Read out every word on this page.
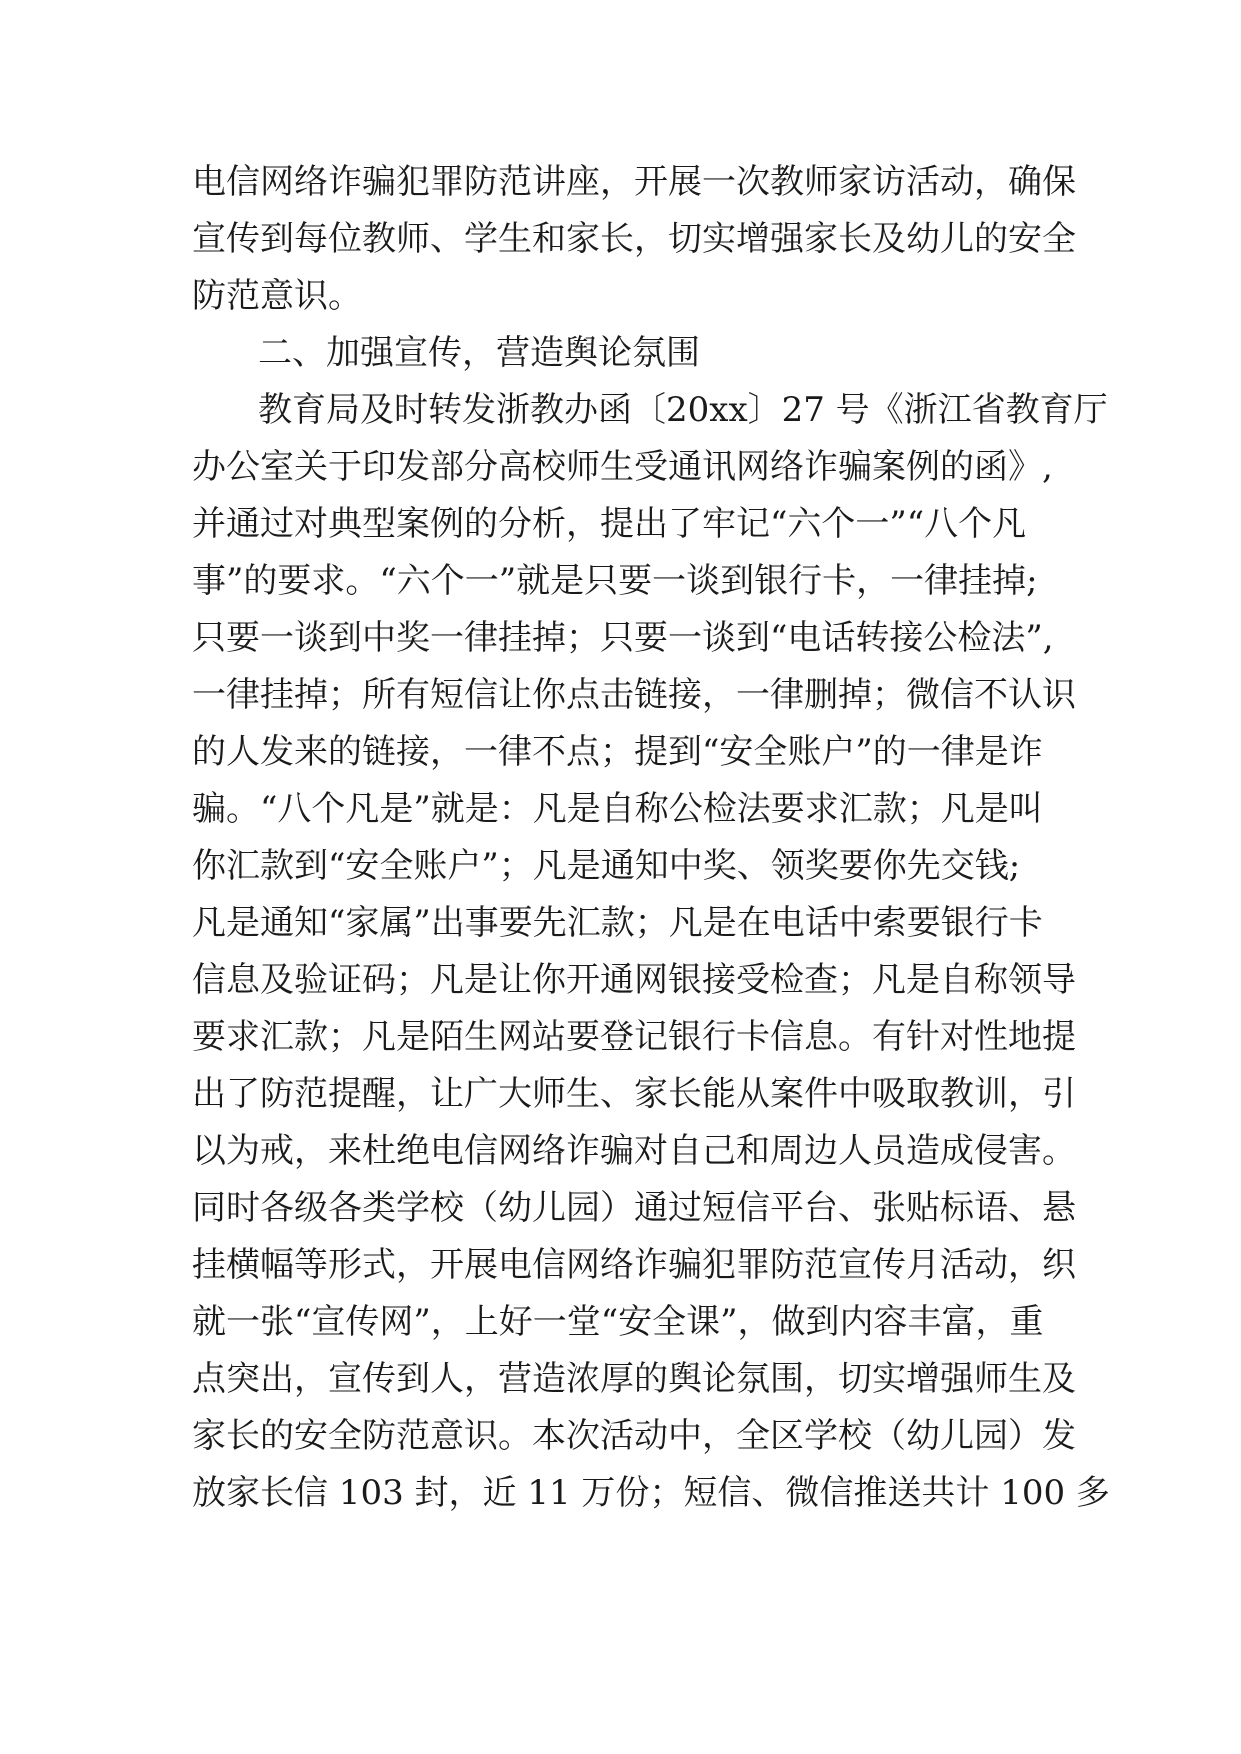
电信网络诈骗犯罪防范讲座，开展一次教师家访活动，确保
宣传到每位教师、学生和家长，切实增强家长及幼儿的安全
防范意识。
二、加强宣传，营造舆论氛围
教育局及时转发浙教办函〔20xx〕27 号《浙江省教育厅
办公室关于印发部分高校师生受通讯网络诈骗案例的函》,
并通过对典型案例的分析，提出了牢记“六个一”“八个凡
事”的要求。“六个一”就是只要一谈到银行卡，一律挂掉;
只要一谈到中奖一律挂掉；只要一谈到“电话转接公检法”,
一律挂掉；所有短信让你点击链接，一律删掉；微信不认识
的人发来的链接，一律不点；提到“安全账户”的一律是诈
骗。“八个凡是”就是：凡是自称公检法要求汇款；凡是叫
你汇款到“安全账户”；凡是通知中奖、领奖要你先交钱;
凡是通知“家属”出事要先汇款；凡是在电话中索要银行卡
信息及验证码；凡是让你开通网银接受检查；凡是自称领导
要求汇款；凡是陌生网站要登记银行卡信息。有针对性地提
出了防范提醒，让广大师生、家长能从案件中吸取教训，引
以为戒，来杜绝电信网络诈骗对自己和周边人员造成侵害。
同时各级各类学校（幼儿园）通过短信平台、张贴标语、悬
挂横幅等形式，开展电信网络诈骗犯罪防范宣传月活动，织
就一张“宣传网”，上好一堂“安全课”，做到内容丰富，重
点突出，宣传到人，营造浓厚的舆论氛围，切实增强师生及
家长的安全防范意识。本次活动中，全区学校（幼儿园）发
放家长信 103 封，近 11 万份；短信、微信推送共计 100 多
